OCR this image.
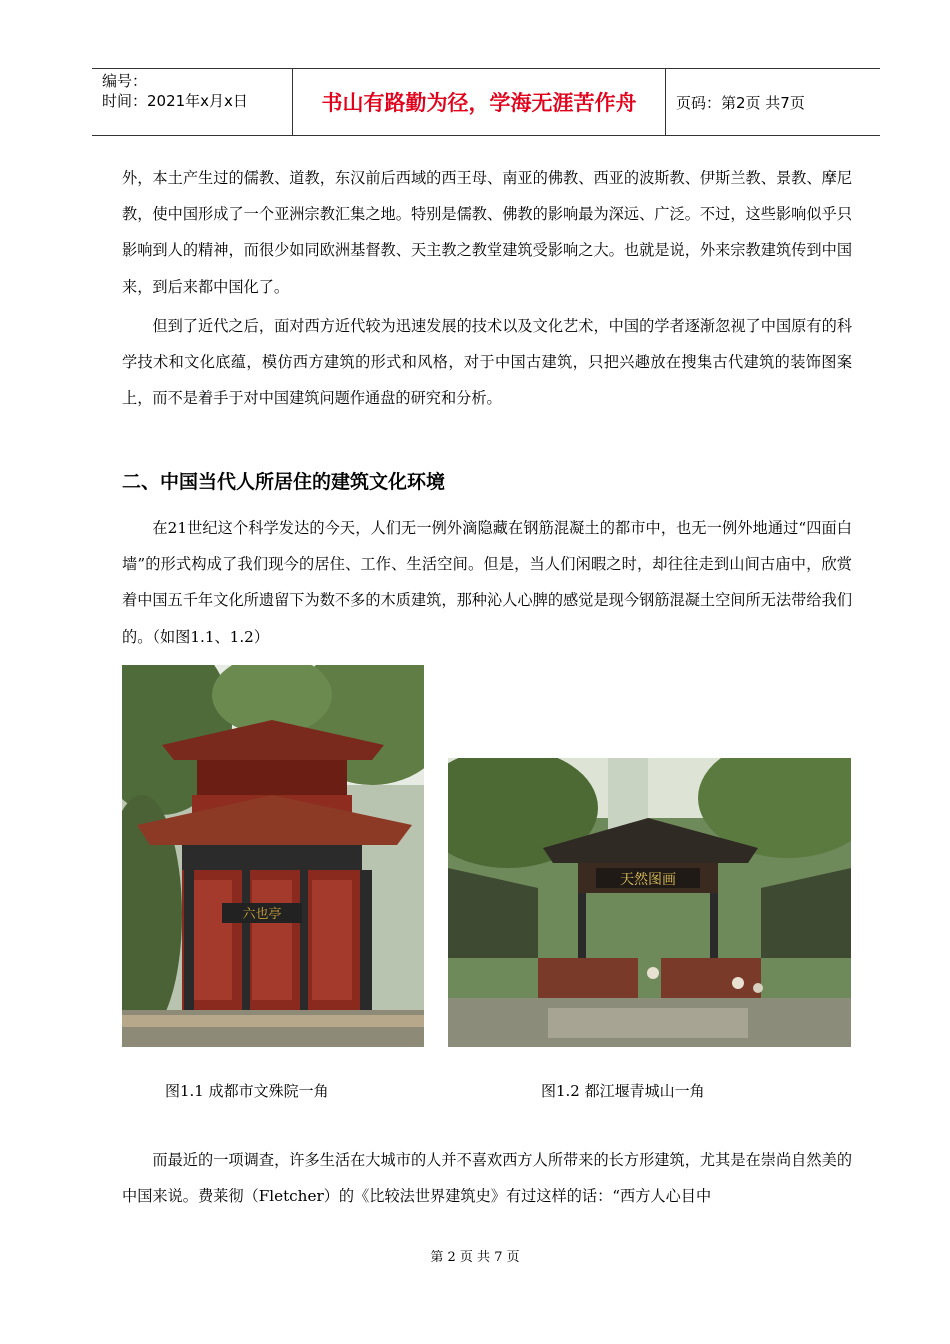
编号：
时间：2021年x月x日	书山有路勤为径，学海无涯苦作舟	页码：第2页 共7页

外，本土产生过的儒教、道教，东汉前后西域的西王母、南亚的佛教、西亚的波斯教、伊斯兰教、景教、摩尼教，使中国形成了一个亚洲宗教汇集之地。特别是儒教、佛教的影响最为深远、广泛。不过，这些影响似乎只影响到人的精神，而很少如同欧洲基督教、天主教之教堂建筑受影响之大。也就是说，外来宗教建筑传到中国来，到后来都中国化了。

但到了近代之后，面对西方近代较为迅速发展的技术以及文化艺术，中国的学者逐渐忽视了中国原有的科学技术和文化底蕴，模仿西方建筑的形式和风格，对于中国古建筑，只把兴趣放在搜集古代建筑的装饰图案上，而不是着手于对中国建筑问题作通盘的研究和分析。

二、中国当代人所居住的建筑文化环境

在21世纪这个科学发达的今天，人们无一例外滴隐藏在钢筋混凝土的都市中，也无一例外地通过“四面白墙”的形式构成了我们现今的居住、工作、生活空间。但是，当人们闲暇之时，却往往走到山间古庙中，欣赏着中国五千年文化所遗留下为数不多的木质建筑，那种沁人心脾的感觉是现今钢筋混凝土空间所无法带给我们的。（如图1.1、1.2）

六也亭
天然图画
图1.1 成都市文殊院一角	图1.2 都江堰青城山一角

而最近的一项调查，许多生活在大城市的人并不喜欢西方人所带来的长方形建筑，尤其是在崇尚自然美的中国来说。费莱彻（Fletcher）的《比较法世界建筑史》有过这样的话：“西方人心目中

第 2 页 共 7 页
